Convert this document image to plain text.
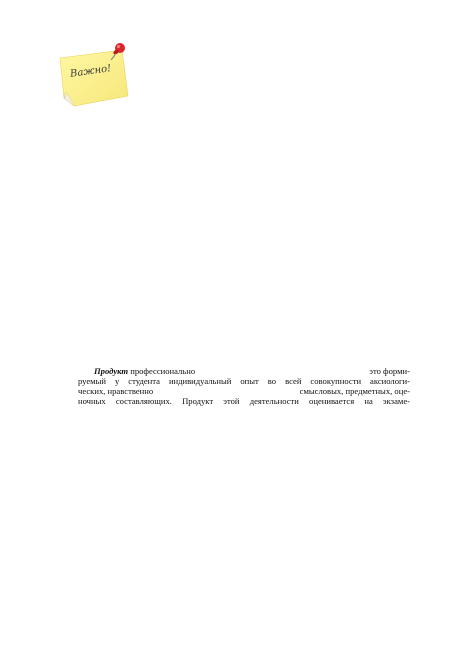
Важно!
Продукт профессионально	это форми-
руемый у студента индивидуальный опыт во всей совокупности аксиологи-
ческих, нравственно	смысловых, предметных, оце-
ночных составляющих. Продукт этой деятельности оценивается на экзаме-
